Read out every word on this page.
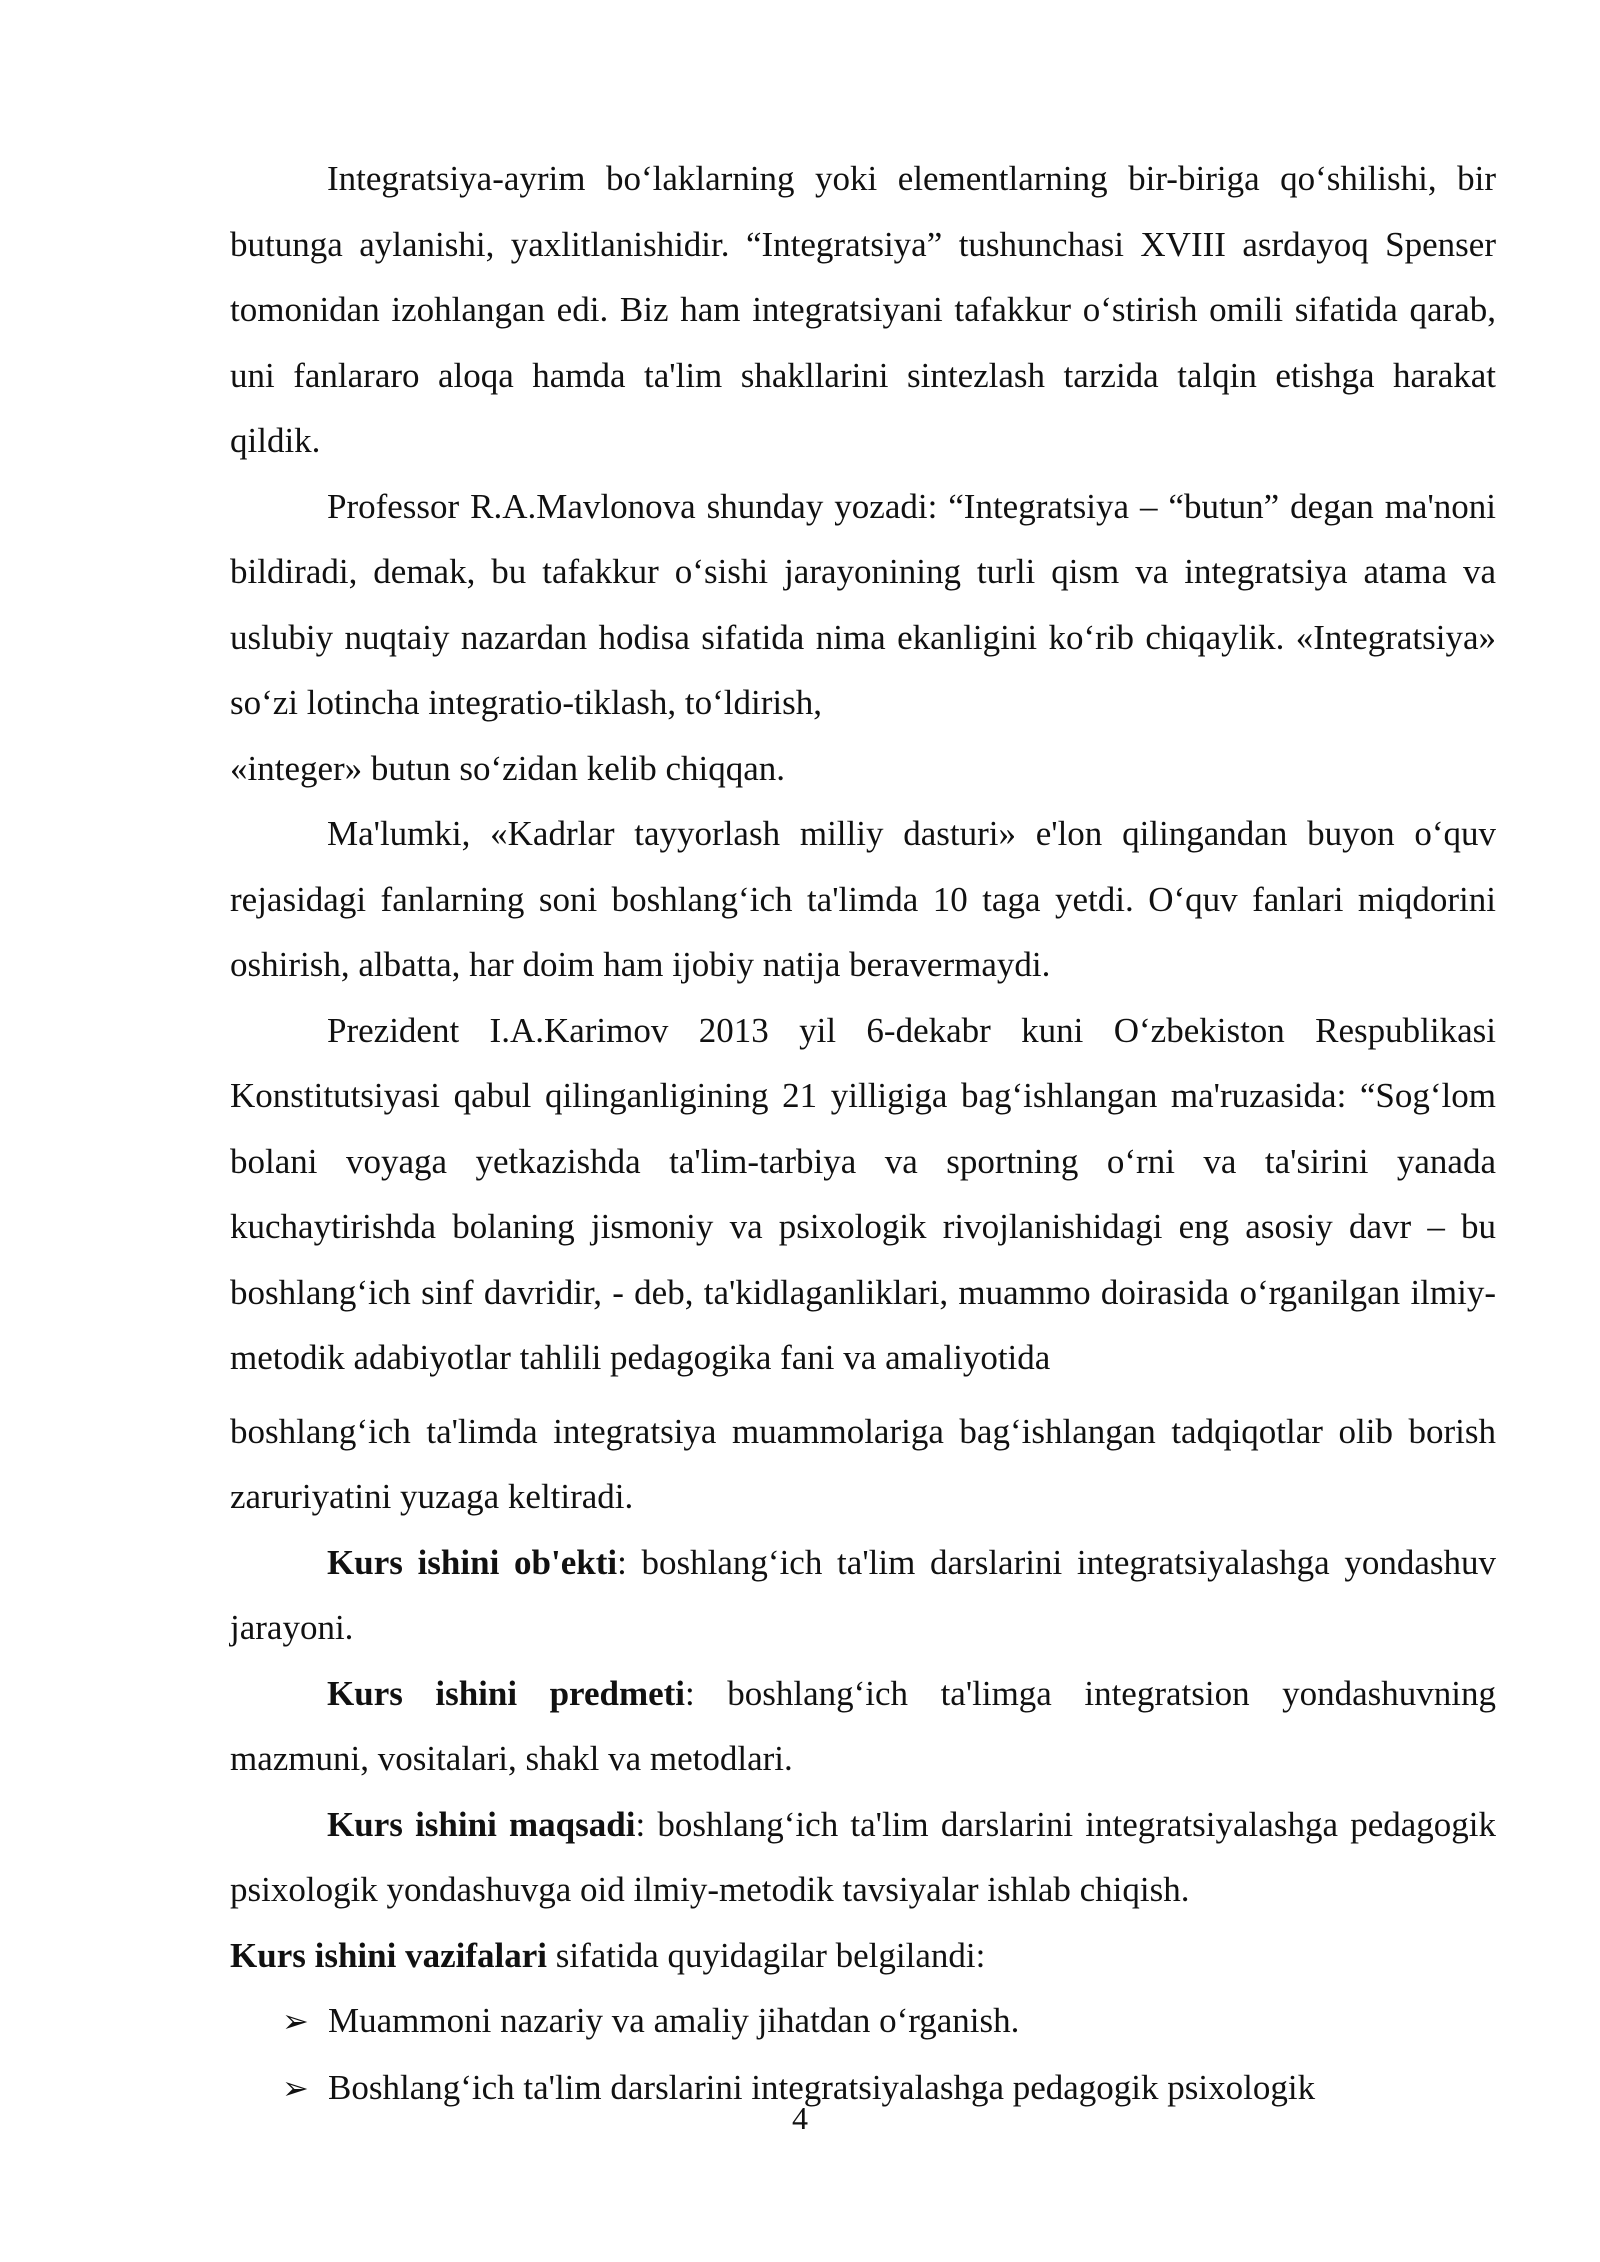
Integratsiya-ayrim bo‘laklarning yoki elementlarning bir-biriga qo‘shilishi, bir butunga aylanishi, yaxlitlanishidir. “Integratsiya” tushunchasi XVIII asrdayoq Spenser tomonidan izohlangan edi. Biz ham integratsiyani tafakkur o‘stirish omili sifatida qarab, uni fanlararo aloqa hamda ta'lim shakllarini sintezlash tarzida talqin etishga harakat qildik.

Professor R.A.Mavlonova shunday yozadi: “Integratsiya – “butun” degan ma'noni bildiradi, demak, bu tafakkur o‘sishi jarayonining turli qism va integratsiya atama va uslubiy nuqtaiy nazardan hodisa sifatida nima ekanligini ko‘rib chiqaylik. «Integratsiya» so‘zi lotincha integratio-tiklash, to‘ldirish,

«integer» butun so‘zidan kelib chiqqan.

Ma'lumki, «Kadrlar tayyorlash milliy dasturi» e'lon qilingandan buyon o‘quv rejasidagi fanlarning soni boshlang‘ich ta'limda 10 taga yetdi. O‘quv fanlari miqdorini oshirish, albatta, har doim ham ijobiy natija beravermaydi.

Prezident I.A.Karimov 2013 yil 6-dekabr kuni O‘zbekiston Respublikasi Konstitutsiyasi qabul qilinganligining 21 yilligiga bag‘ishlangan ma'ruzasida: “Sog‘lom bolani voyaga yetkazishda ta'lim-tarbiya va sportning o‘rni va ta'sirini yanada kuchaytirishda bolaning jismoniy va psixologik rivojlanishidagi eng asosiy davr – bu boshlang‘ich sinf davridir, - deb, ta'kidlaganliklari, muammo doirasida o‘rganilgan ilmiy-metodik adabiyotlar tahlili pedagogika fani va amaliyotida

boshlang‘ich ta'limda integratsiya muammolariga bag‘ishlangan tadqiqotlar olib borish zaruriyatini yuzaga keltiradi.

Kurs ishini ob'ekti: boshlang‘ich ta'lim darslarini integratsiyalashga yondashuv jarayoni.

Kurs ishini predmeti: boshlang‘ich ta'limga integratsion yondashuvning mazmuni, vositalari, shakl va metodlari.

Kurs ishini maqsadi: boshlang‘ich ta'lim darslarini integratsiyalashga pedagogik psixologik yondashuvga oid ilmiy-metodik tavsiyalar ishlab chiqish.

Kurs ishini vazifalari sifatida quyidagilar belgilandi:

➢ Muammoni nazariy va amaliy jihatdan o‘rganish.
➢ Boshlang‘ich ta'lim darslarini integratsiyalashga pedagogik psixologik
4
